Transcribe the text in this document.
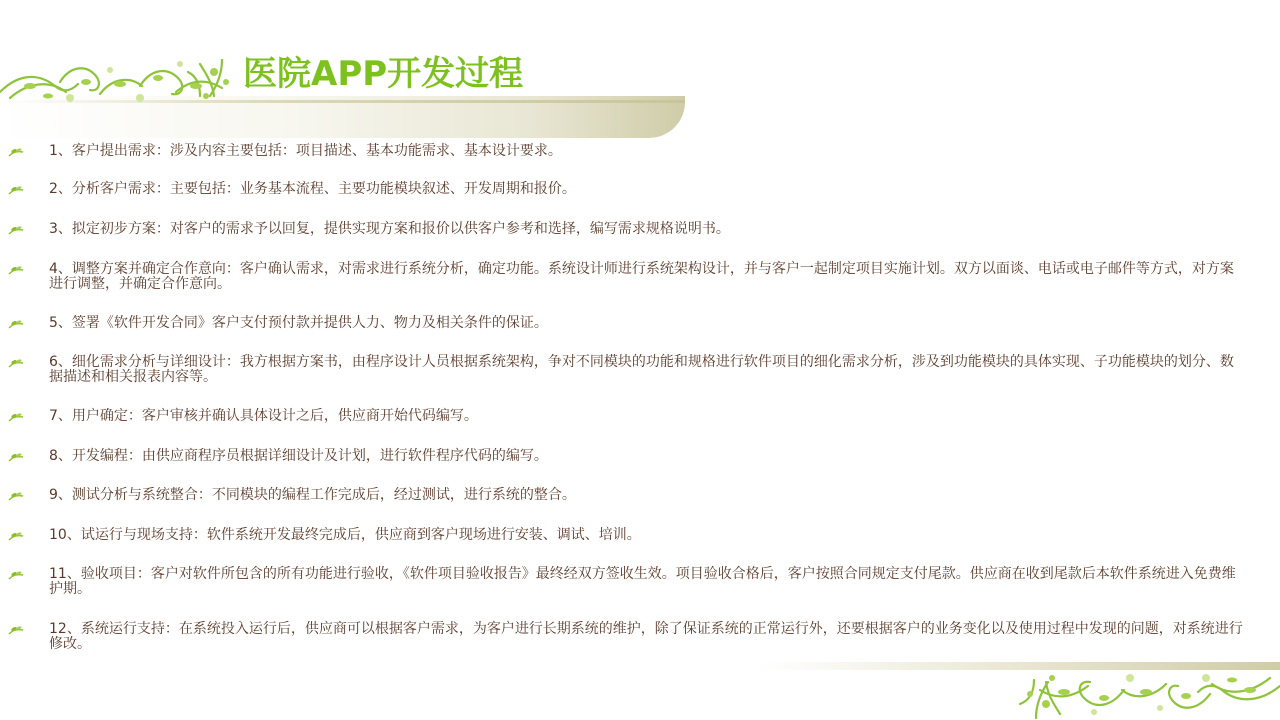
医院APP开发过程

1、客户提出需求：涉及内容主要包括：项目描述、基本功能需求、基本设计要求。

2、分析客户需求：主要包括：业务基本流程、主要功能模块叙述、开发周期和报价。

3、拟定初步方案：对客户的需求予以回复，提供实现方案和报价以供客户参考和选择，编写需求规格说明书。

4、调整方案并确定合作意向：客户确认需求，对需求进行系统分析，确定功能。系统设计师进行系统架构设计，并与客户一起制定项目实施计划。双方以面谈、电话或电子邮件等方式，对方案进行调整，并确定合作意向。

5、签署《软件开发合同》客户支付预付款并提供人力、物力及相关条件的保证。

6、细化需求分析与详细设计：我方根据方案书，由程序设计人员根据系统架构，争对不同模块的功能和规格进行软件项目的细化需求分析，涉及到功能模块的具体实现、子功能模块的划分、数据描述和相关报表内容等。

7、用户确定：客户审核并确认具体设计之后，供应商开始代码编写。

8、开发编程：由供应商程序员根据详细设计及计划，进行软件程序代码的编写。

9、测试分析与系统整合：不同模块的编程工作完成后，经过测试，进行系统的整合。

10、试运行与现场支持：软件系统开发最终完成后，供应商到客户现场进行安装、调试、培训。

11、验收项目：客户对软件所包含的所有功能进行验收，《软件项目验收报告》最终经双方签收生效。项目验收合格后，客户按照合同规定支付尾款。供应商在收到尾款后本软件系统进入免费维护期。

12、系统运行支持：在系统投入运行后，供应商可以根据客户需求，为客户进行长期系统的维护，除了保证系统的正常运行外，还要根据客户的业务变化以及使用过程中发现的问题，对系统进行修改。
